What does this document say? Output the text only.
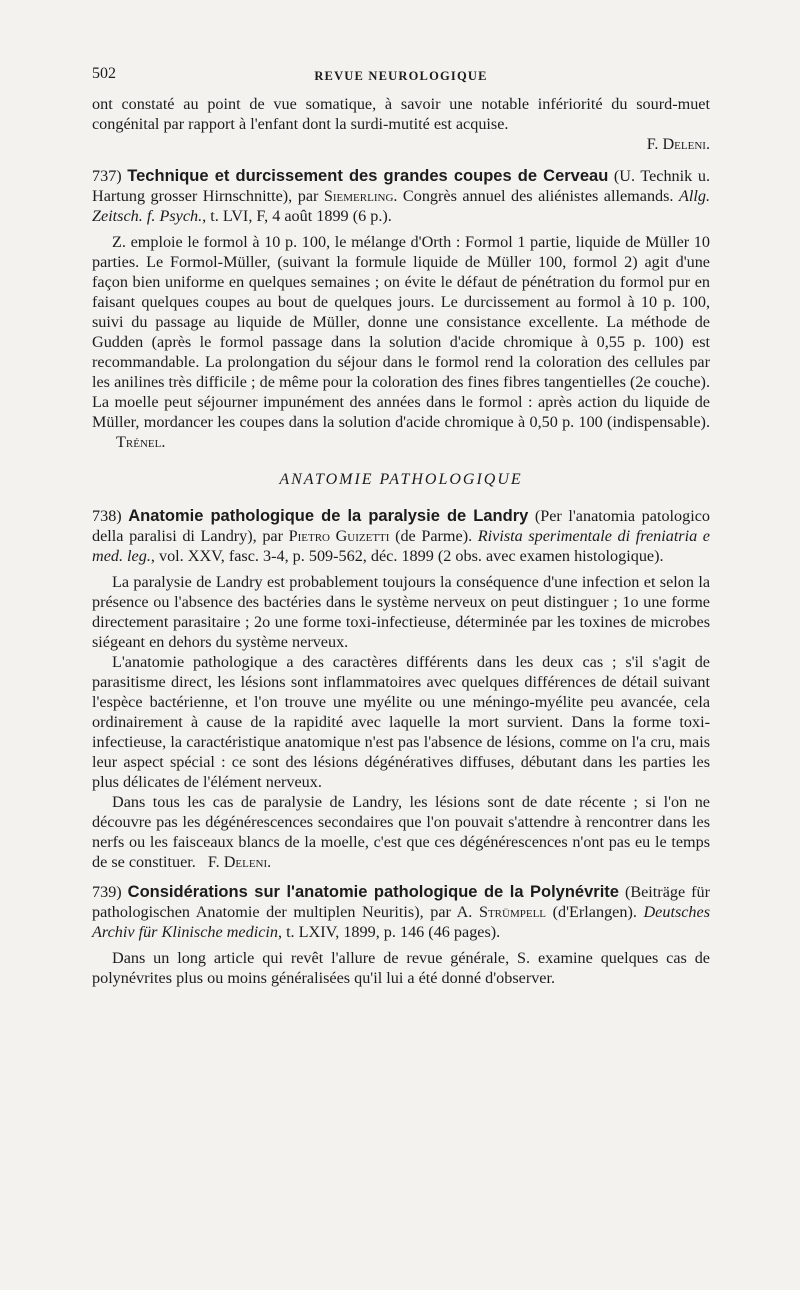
502	REVUE NEUROLOGIQUE

ont constaté au point de vue somatique, à savoir une notable infériorité du sourd-muet congénital par rapport à l'enfant dont la surdi-mutité est acquise.

F. Deleni.

737) Technique et durcissement des grandes coupes de Cerveau (U. Technik u. Hartung grosser Hirnschnitte), par Siemerling. Congrès annuel des aliénistes allemands. Allg. Zeitsch. f. Psych., t. LVI, F, 4 août 1899 (6 p.).

Z. emploie le formol à 10 p. 100, le mélange d'Orth : Formol 1 partie, liquide de Müller 10 parties. Le Formol-Müller, (suivant la formule liquide de Müller 100, formol 2) agit d'une façon bien uniforme en quelques semaines ; on évite le défaut de pénétration du formol pur en faisant quelques coupes au bout de quelques jours. Le durcissement au formol à 10 p. 100, suivi du passage au liquide de Müller, donne une consistance excellente. La méthode de Gudden (après le formol passage dans la solution d'acide chromique à 0,55 p. 100) est recommandable. La prolongation du séjour dans le formol rend la coloration des cellules par les anilines très difficile ; de même pour la coloration des fines fibres tangentielles (2e couche). La moelle peut séjourner impunément des années dans le formol : après action du liquide de Müller, mordancer les coupes dans la solution d'acide chromique à 0,50 p. 100 (indispensable). Trénel.

ANATOMIE PATHOLOGIQUE

738) Anatomie pathologique de la paralysie de Landry (Per l'anatomia patologico della paralisi di Landry), par Pietro Guizetti (de Parme). Rivista sperimentale di freniatria e med. leg., vol. XXV, fasc. 3-4, p. 509-562, déc. 1899 (2 obs. avec examen histologique).

La paralysie de Landry est probablement toujours la conséquence d'une infection et selon la présence ou l'absence des bactéries dans le système nerveux on peut distinguer ; 1o une forme directement parasitaire ; 2o une forme toxi-infectieuse, déterminée par les toxines de microbes siégeant en dehors du système nerveux.

L'anatomie pathologique a des caractères différents dans les deux cas ; s'il s'agit de parasitisme direct, les lésions sont inflammatoires avec quelques différences de détail suivant l'espèce bactérienne, et l'on trouve une myélite ou une méningo-myélite peu avancée, cela ordinairement à cause de la rapidité avec laquelle la mort survient. Dans la forme toxi-infectieuse, la caractéristique anatomique n'est pas l'absence de lésions, comme on l'a cru, mais leur aspect spécial : ce sont des lésions dégénératives diffuses, débutant dans les parties les plus délicates de l'élément nerveux.

Dans tous les cas de paralysie de Landry, les lésions sont de date récente ; si l'on ne découvre pas les dégénérescences secondaires que l'on pouvait s'attendre à rencontrer dans les nerfs ou les faisceaux blancs de la moelle, c'est que ces dégénérescences n'ont pas eu le temps de se constituer. F. Deleni.

739) Considérations sur l'anatomie pathologique de la Polynévrite (Beiträge für pathologischen Anatomie der multiplen Neuritis), par A. Strümpell (d'Erlangen). Deutsches Archiv für Klinische medicin, t. LXIV, 1899, p. 146 (46 pages).

Dans un long article qui revêt l'allure de revue générale, S. examine quelques cas de polynévrites plus ou moins généralisées qu'il lui a été donné d'observer.
